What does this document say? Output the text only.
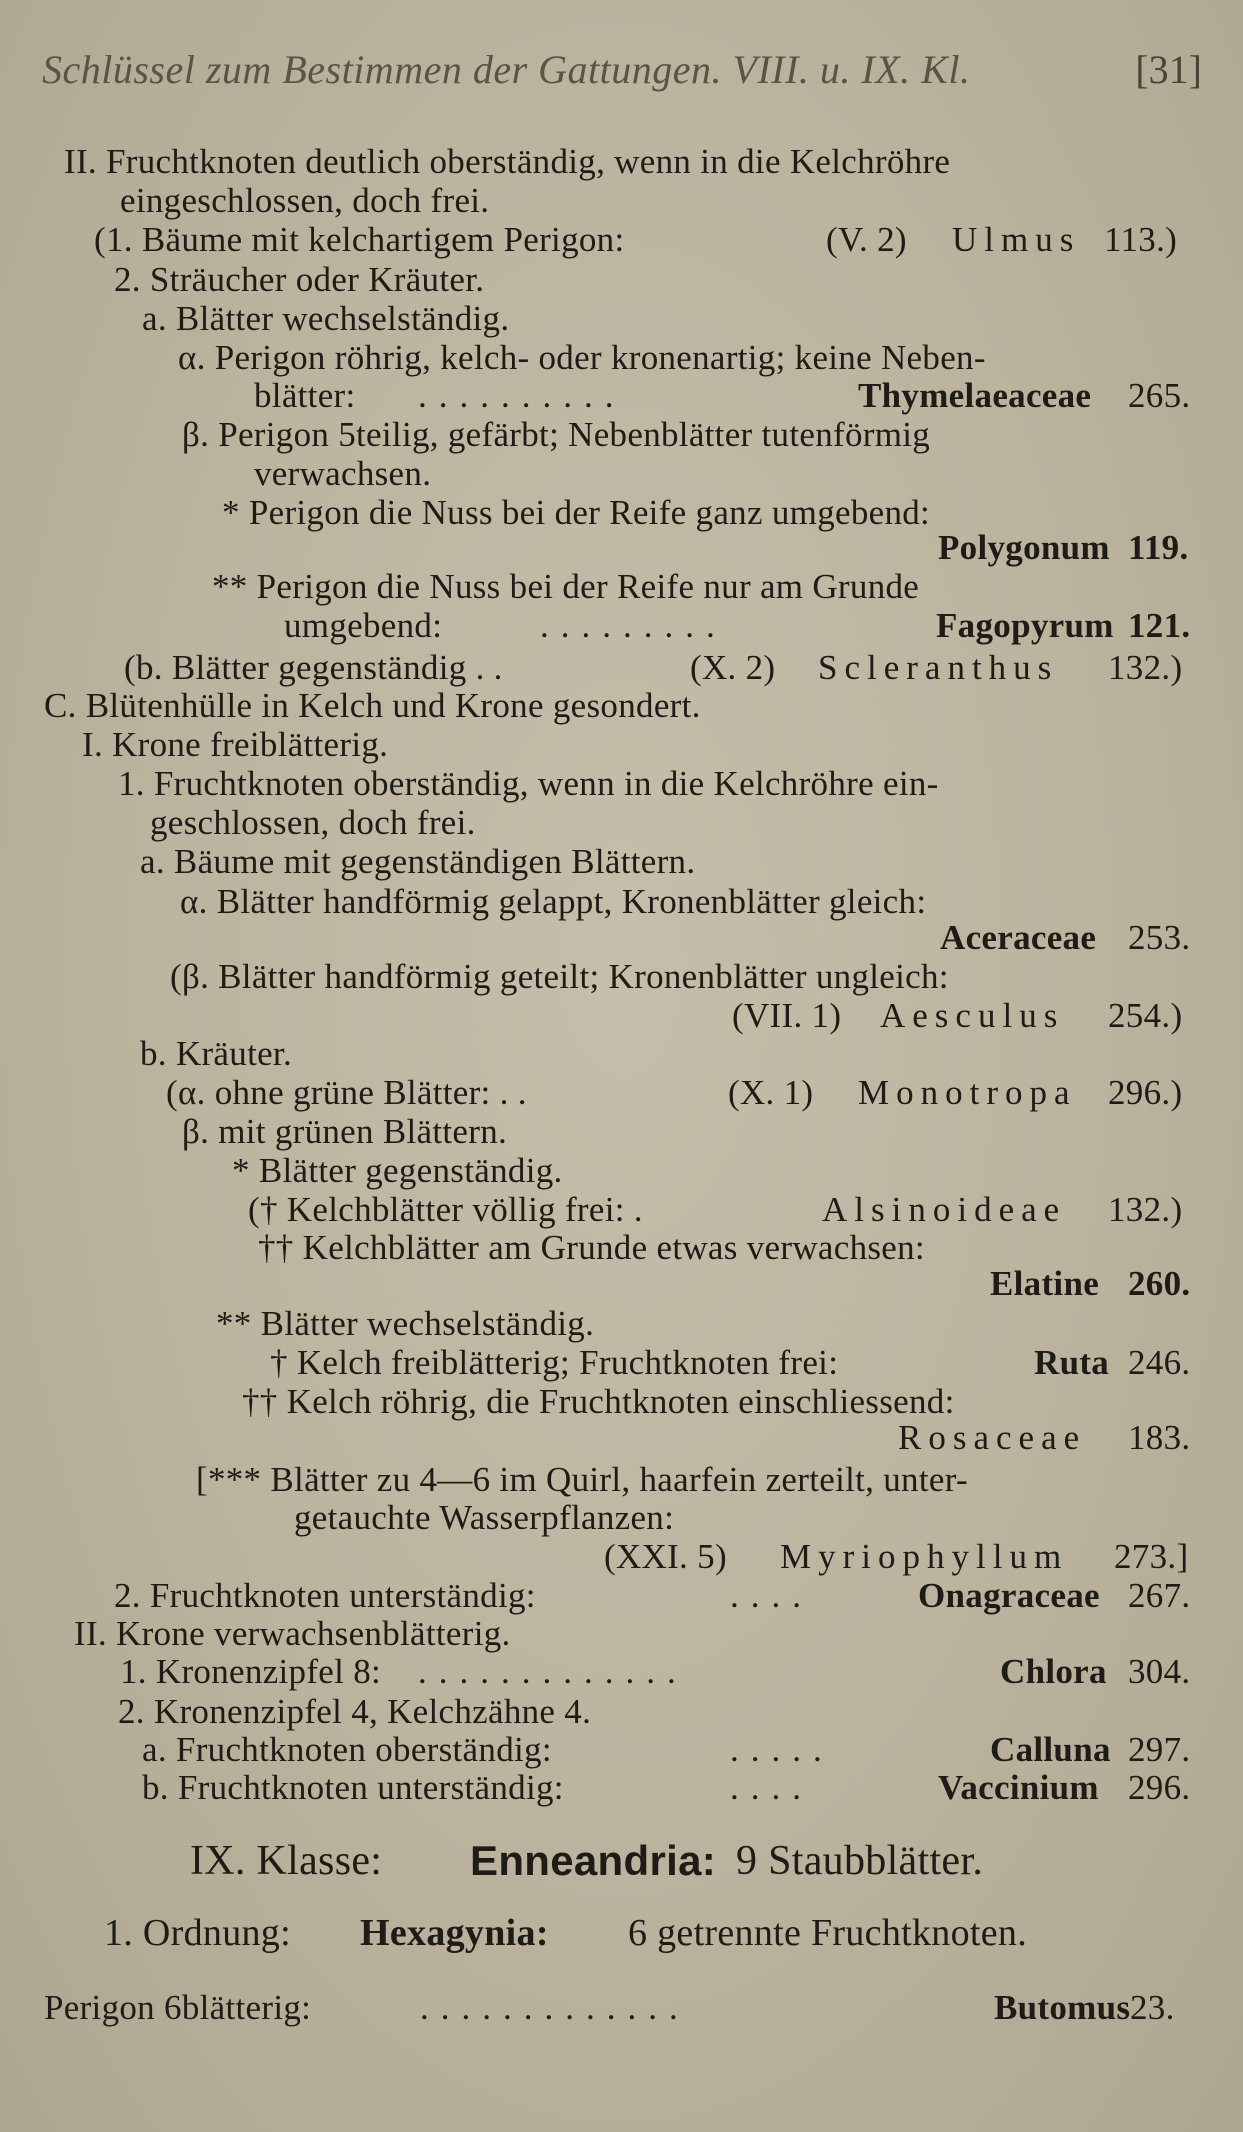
Schlüssel zum Bestimmen der Gattungen. VIII. u. IX. Kl.	[31]
II. Fruchtknoten deutlich oberständig, wenn in die Kelchröhre
eingeschlossen, doch frei.
(1. Bäume mit kelchartigem Perigon:	(V. 2) Ulmus 113.)
2. Sträucher oder Kräuter.
a. Blätter wechselständig.
α. Perigon röhrig, kelch- oder kronenartig; keine Neben-
blätter: ..........	Thymelaeaceae 265.
β. Perigon 5teilig, gefärbt; Nebenblätter tutenförmig
verwachsen.
* Perigon die Nuss bei der Reife ganz umgebend:
Polygonum 119.
** Perigon die Nuss bei der Reife nur am Grunde
umgebend:	.........	Fagopyrum 121.
(b. Blätter gegenständig . .	(X. 2) Scleranthus 132.)
C. Blütenhülle in Kelch und Krone gesondert.
I. Krone freiblätterig.
1. Fruchtknoten oberständig, wenn in die Kelchröhre ein-
geschlossen, doch frei.
a. Bäume mit gegenständigen Blättern.
α. Blätter handförmig gelappt, Kronenblätter gleich:
Aceraceae 253.
(β. Blätter handförmig geteilt; Kronenblätter ungleich:
(VII. 1) Aesculus 254.)
b. Kräuter.
(α. ohne grüne Blätter: . .	(X. 1) Monotropa 296.)
β. mit grünen Blättern.
* Blätter gegenständig.
(† Kelchblätter völlig frei: .	Alsinoideae 132.)
†† Kelchblätter am Grunde etwas verwachsen:
Elatine 260.
** Blätter wechselständig.
† Kelch freiblätterig; Fruchtknoten frei:	Ruta 246.
†† Kelch röhrig, die Fruchtknoten einschliessend:
Rosaceae 183.
[*** Blätter zu 4—6 im Quirl, haarfein zerteilt, unter-
getauchte Wasserpflanzen:
(XXI. 5) Myriophyllum 273.]
2. Fruchtknoten unterständig:	....	Onagraceae 267.
II. Krone verwachsenblätterig.
1. Kronenzipfel 8: .............	Chlora 304.
2. Kronenzipfel 4, Kelchzähne 4.
a. Fruchtknoten oberständig:	.....	Calluna 297.
b. Fruchtknoten unterständig:	....	Vaccinium 296.
IX. Klasse: Enneandria: 9 Staubblätter.
1. Ordnung: Hexagynia: 6 getrennte Fruchtknoten.
Perigon 6blätterig:	.............	Butomus 23.
